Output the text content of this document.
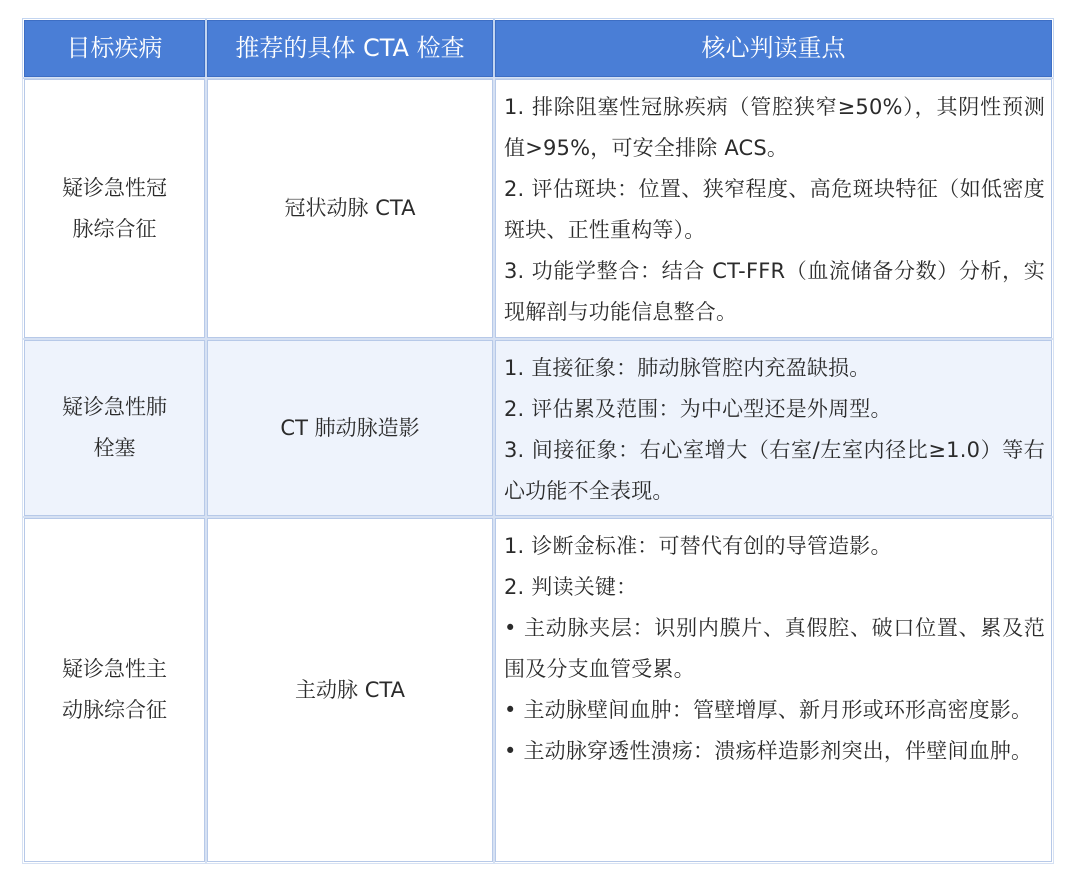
目标疾病	推荐的具体 CTA 检查	核心判读重点
疑诊急性冠脉综合征
冠状动脉 CTA

1. 排除阻塞性冠脉疾病（管腔狭窄≥50%），其阴性预测值>95%，可安全排除 ACS。

2. 评估斑块：位置、狭窄程度、高危斑块特征（如低密度斑块、正性重构等）。

3. 功能学整合：结合 CT-FFR（血流储备分数）分析，实现解剖与功能信息整合。

疑诊急性肺栓塞
CT 肺动脉造影

1. 直接征象：肺动脉管腔内充盈缺损。

2. 评估累及范围：为中心型还是外周型。

3. 间接征象：右心室增大（右室/左室内径比≥1.0）等右心功能不全表现。

疑诊急性主动脉综合征
主动脉 CTA

1. 诊断金标准：可替代有创的导管造影。

2. 判读关键：

• 主动脉夹层：识别内膜片、真假腔、破口位置、累及范围及分支血管受累。

• 主动脉壁间血肿：管壁增厚、新月形或环形高密度影。

• 主动脉穿透性溃疡：溃疡样造影剂突出，伴壁间血肿。
